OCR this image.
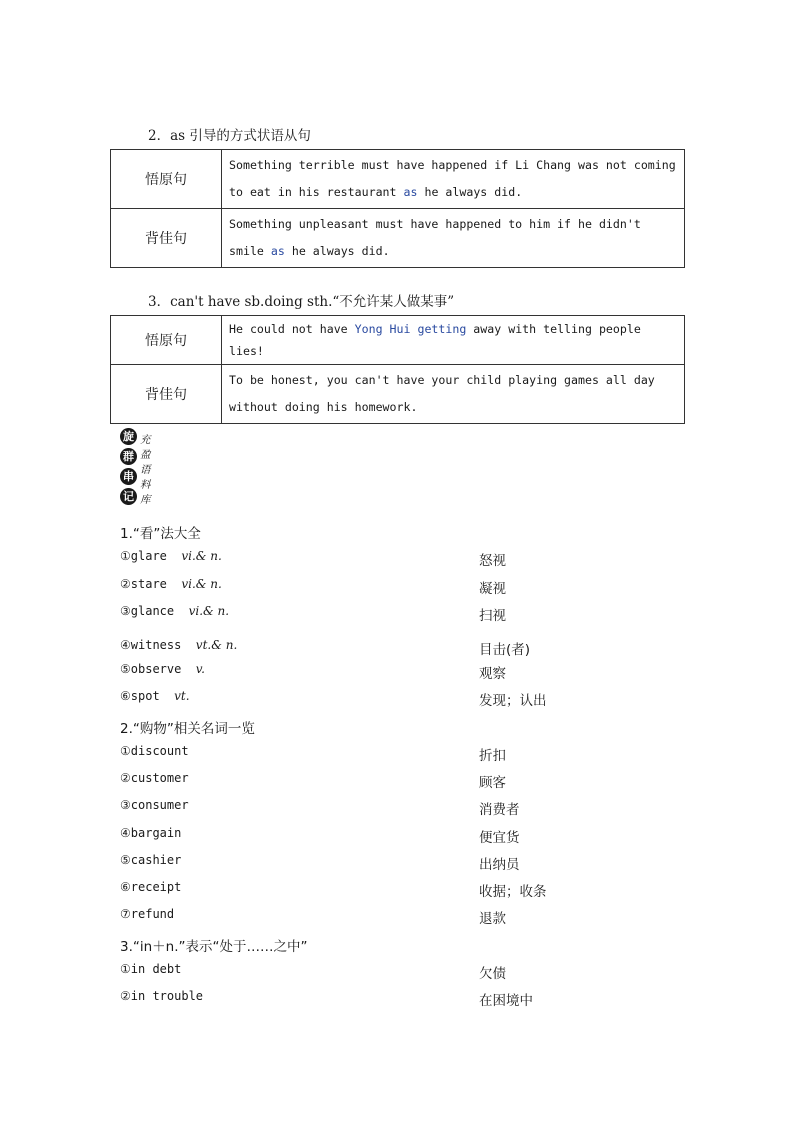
2．as 引导的方式状语从句
悟原句	Something terrible must have happened if Li Chang was not coming to eat in his restaurant as he always did.
背佳句	Something unpleasant must have happened to him if he didn't smile as he always did.
3．can't have sb.doing sth.“不允许某人做某事”
悟原句	He could not have Yong Hui getting away with telling people lies!
背佳句	To be honest, you can't have your child playing games all day without doing his homework.
旋
群
串
记
充
盈
语
料
库
1.“看”法大全
①glare vi.& n.	怒视
②stare vi.& n.	凝视
③glance vi.& n.	扫视
④witness vt.& n.	目击(者)
⑤observe v.	观察
⑥spot vt.	发现；认出
2.“购物”相关名词一览
①discount	折扣
②customer	顾客
③consumer	消费者
④bargain	便宜货
⑤cashier	出纳员
⑥receipt	收据；收条
⑦refund	退款
3.“in＋n.”表示“处于……之中”
①in debt	欠债
②in trouble	在困境中
